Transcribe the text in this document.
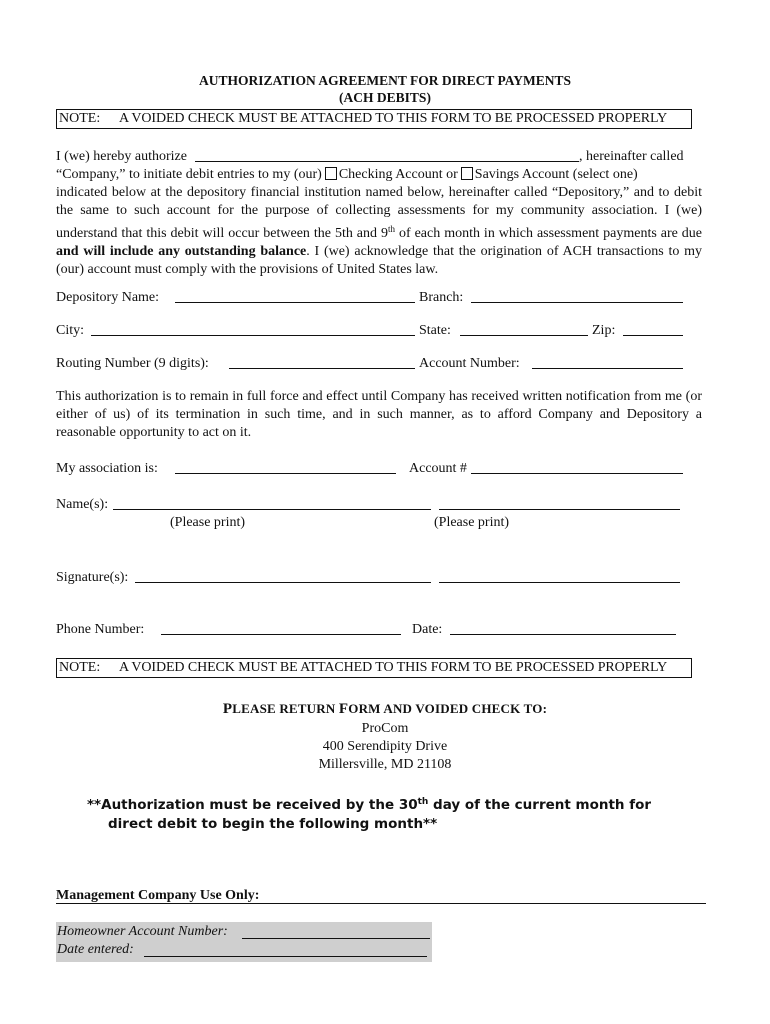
AUTHORIZATION AGREEMENT FOR DIRECT PAYMENTS
(ACH DEBITS)
NOTE: A VOIDED CHECK MUST BE ATTACHED TO THIS FORM TO BE PROCESSED PROPERLY
I (we) hereby authorize	, hereinafter called
“Company,” to initiate debit entries to my (our) Checking Account or Savings Account (select one)

indicated below at the depository financial institution named below, hereinafter called “Depository,” and to debit the same to such account for the purpose of collecting assessments for my community association. I (we) understand that this debit will occur between the 5th and 9th of each month in which assessment payments are due and will include any outstanding balance. I (we) acknowledge that the origination of ACH transactions to my (our) account must comply with the provisions of United States law.

Depository Name:	Branch:
City:	State:	Zip:
Routing Number (9 digits):	Account Number:

This authorization is to remain in full force and effect until Company has received written notification from me (or either of us) of its termination in such time, and in such manner, as to afford Company and Depository a reasonable opportunity to act on it.

My association is:	Account #
Name(s):
(Please print)	(Please print)
Signature(s):
Phone Number:	Date:
NOTE: A VOIDED CHECK MUST BE ATTACHED TO THIS FORM TO BE PROCESSED PROPERLY
PLEASE RETURN FORM AND VOIDED CHECK TO:
ProCom
400 Serendipity Drive
Millersville, MD 21108
**Authorization must be received by the 30th day of the current month for
direct debit to begin the following month**
Management Company Use Only:
Homeowner Account Number:
Date entered:
